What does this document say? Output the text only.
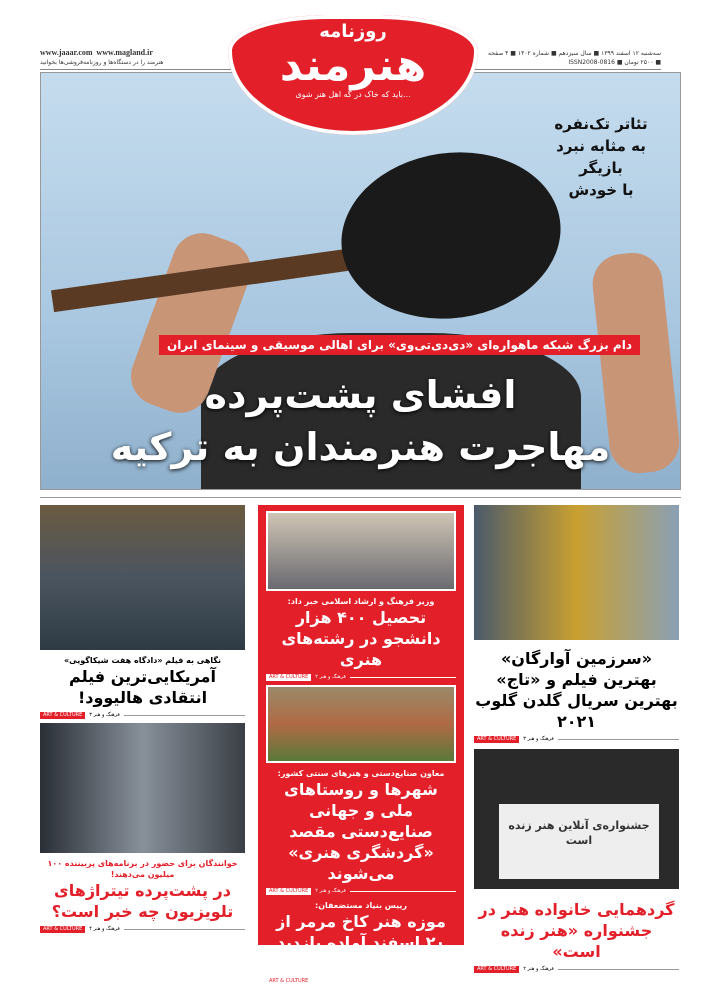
www.jaaar.com www.magland.ir
هنرمند را در دستگاه‌ها و روزنامه‌فروشی‌ها بخوانید
سه‌شنبه ۱۲ اسفند ۱۳۹۹ ■ سال سیزدهم ■ شماره ۱۴۰۲ ■ ۴ صفحه ■ ۲۵۰۰ تومان ■ ISSN2008-0816
روزنامه
هنرمند
...باید که خاک در گه اهل هنر شوی
تئاتر تک‌نفره
به مثابه نبرد بازیگر
با خودش
دام بزرگ شبکه ماهواره‌ای «دی‌دی‌تی‌وی» برای اهالی موسیقی و سینمای ایران
افشای پشت‌پرده
مهاجرت هنرمندان به ترکیه
نگاهی به فیلم «دادگاه هفت شیکاگویی»
آمریکایی‌ترین فیلم انتقادی هالیوود!
ART & CULTURE	فرهنگ و هنر ۳
خوانندگان برای حضور در برنامه‌های پربیننده ۱۰۰ میلیون می‌دهند!
در پشت‌پرده تیتراژهای تلویزیون چه خبر است؟
ART & CULTURE	فرهنگ و هنر ۴
وزیر فرهنگ و ارشاد اسلامی خبر داد:
تحصیل ۴۰۰ هزار دانشجو در رشته‌های هنری
ART & CULTURE	فرهنگ و هنر ۲
معاون صنایع‌دستی و هنرهای سنتی کشور:
شهرها و روستاهای ملی و جهانی صنایع‌دستی مقصد «گردشگری هنری» می‌شوند
ART & CULTURE	فرهنگ و هنر ۲
رییس بنیاد مستضعفان:
موزه هنر کاخ مرمر از ۲۰ اسفند آماده بازدید مردم می‌شود
ART & CULTURE	فرهنگ و هنر ۲
«سرزمین آوارگان» بهترین فیلم و «تاج» بهترین سریال گلدن گلوب ۲۰۲۱
ART & CULTURE	فرهنگ و هنر ۳
جشنواره‌ی آنلاین هنر زنده است
گردهمایی خانواده هنر در جشنواره «هنر زنده است»
ART & CULTURE	فرهنگ و هنر ۲
